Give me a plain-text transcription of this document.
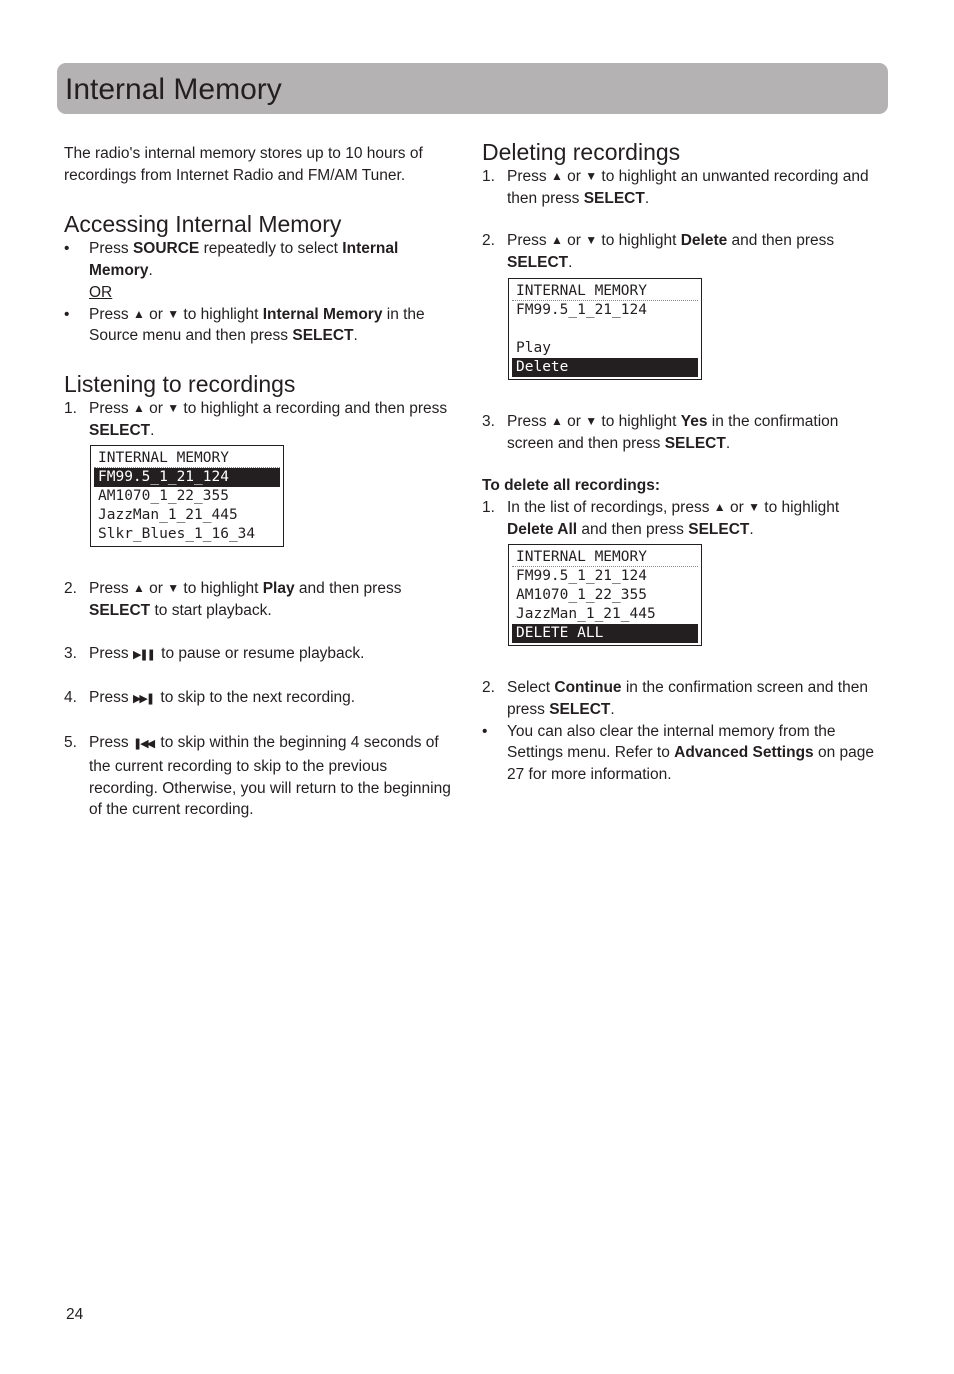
Internal Memory

The radio's internal memory stores up to 10 hours of recordings from Internet Radio and FM/AM Tuner.

Accessing Internal Memory
• Press SOURCE repeatedly to select Internal Memory.
OR
• Press ▲ or ▼ to highlight Internal Memory in the Source menu and then press SELECT.
Listening to recordings
1. Press ▲ or ▼ to highlight a recording and then press SELECT.
INTERNAL MEMORY
FM99.5_1_21_124
AM1070_1_22_355
JazzMan_1_21_445
Slkr_Blues_1_16_34
2. Press ▲ or ▼ to highlight Play and then press SELECT to start playback.
3. Press ▶❚❚ to pause or resume playback.
4. Press ▶▶❚ to skip to the next recording.
5. Press ❚◀◀ to skip within the beginning 4 seconds of the current recording to skip to the previous recording. Otherwise, you will return to the beginning of the current recording.
Deleting recordings
1. Press ▲ or ▼ to highlight an unwanted recording and then press SELECT.
2. Press ▲ or ▼ to highlight Delete and then press SELECT.
INTERNAL MEMORY
FM99.5_1_21_124
Play
Delete
3. Press ▲ or ▼ to highlight Yes in the confirmation screen and then press SELECT.
To delete all recordings:
1. In the list of recordings, press ▲ or ▼ to highlight Delete All and then press SELECT.
INTERNAL MEMORY
FM99.5_1_21_124
AM1070_1_22_355
JazzMan_1_21_445
DELETE ALL
2. Select Continue in the confirmation screen and then press SELECT.
• You can also clear the internal memory from the Settings menu. Refer to Advanced Settings on page 27 for more information.
24
